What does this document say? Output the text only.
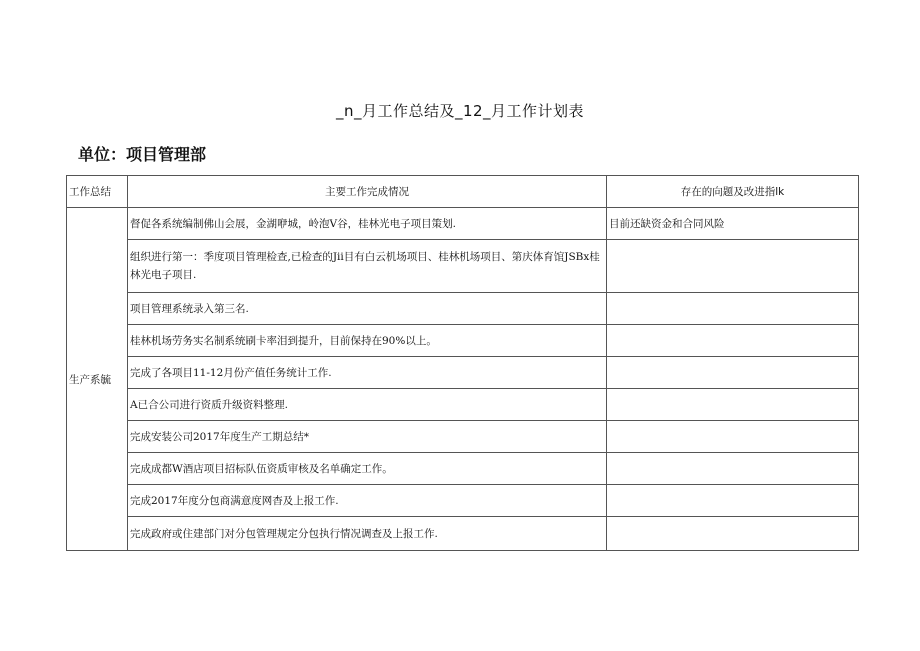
_n_月工作总结及_12_月工作计划表
单位：项目管理部
工作总结	主要工作完成情况	存在的向题及改进指lk
生产系毓	督促各系统编制佛山会展，金湖咿城，岭泡V谷，桂林光电子项目策划.	目前还缺资金和合同风险
	组织进行第一：季度项目管理检查,已检查的Jii目有白云机场项目、桂林机场项目、第庆体育馆JSBx桂林光电子项目.	
	项目管理系统录入第三名.	
	桂林机场劳务实名制系统刷卡率泪到提升，目前保持在90%以上。	
	完成了各项目11-12月份产值任务统计工作.	
	A已合公司进行资质升级资料整理.	
	完成安装公司2017年度生产工期总结*	
	完成成都W酒店项目招标队伍资质审核及名单确定工作。	
	完成2017年度分包商满意度网杳及上报工作.	
	完成政府或住建部门对分包管理规定分包执行情况调查及上报工作.	
